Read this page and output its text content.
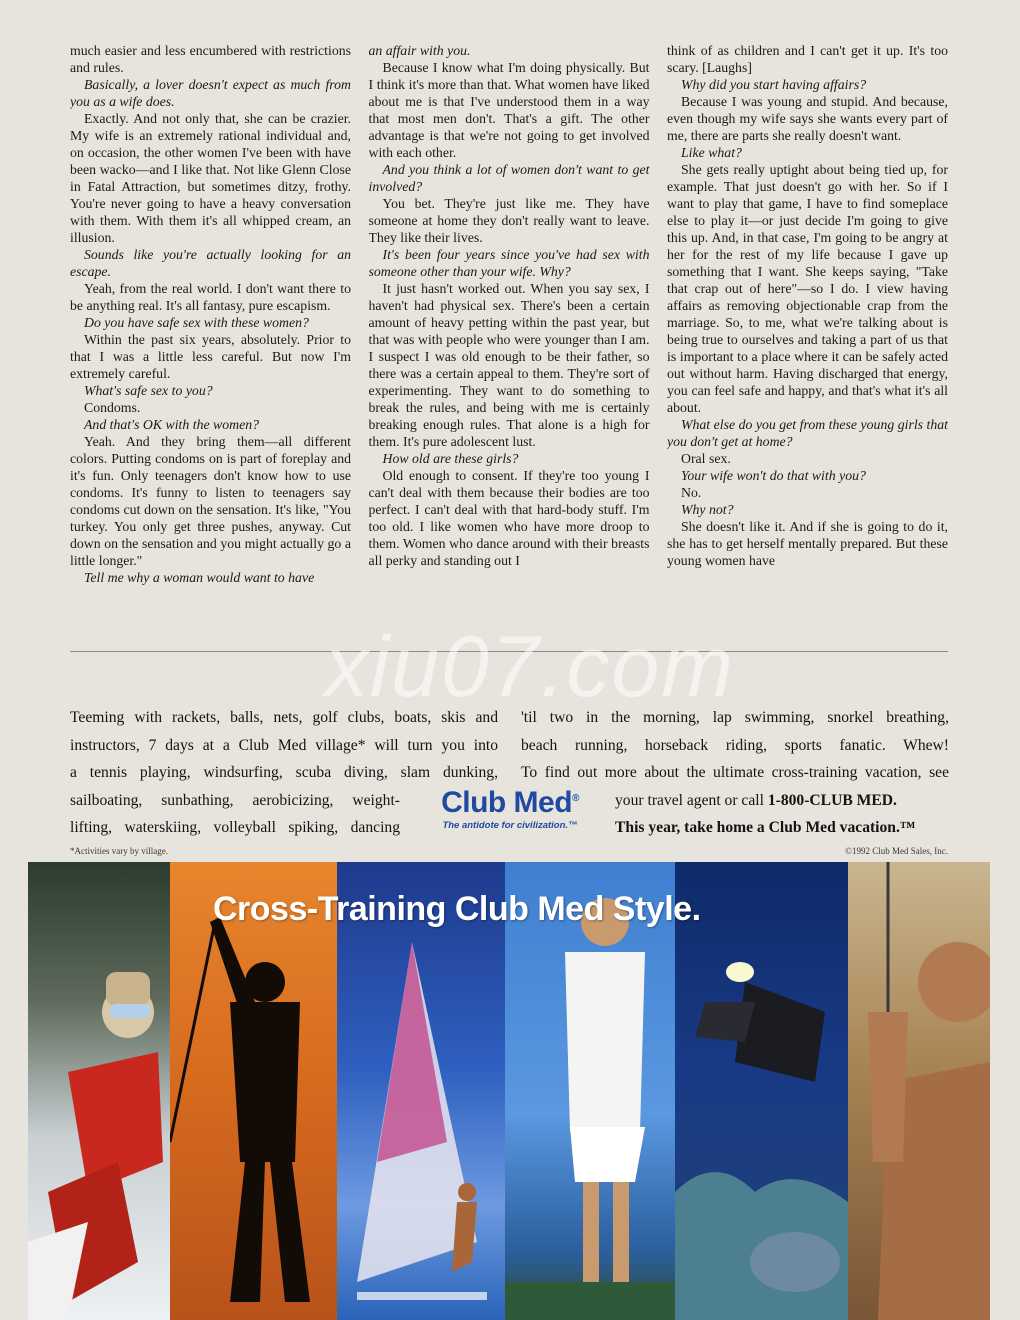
much easier and less encumbered with restrictions and rules.

Basically, a lover doesn't expect as much from you as a wife does.

Exactly. And not only that, she can be crazier. My wife is an extremely rational individual and, on occasion, the other women I've been with have been wacko—and I like that. Not like Glenn Close in Fatal Attraction, but sometimes ditzy, frothy. You're never going to have a heavy conversation with them. With them it's all whipped cream, an illusion.

Sounds like you're actually looking for an escape.

Yeah, from the real world. I don't want there to be anything real. It's all fantasy, pure escapism.

Do you have safe sex with these women?

Within the past six years, absolutely. Prior to that I was a little less careful. But now I'm extremely careful.

What's safe sex to you?

Condoms.

And that's OK with the women?

Yeah. And they bring them—all different colors. Putting condoms on is part of foreplay and it's fun. Only teenagers don't know how to use condoms. It's funny to listen to teenagers say condoms cut down on the sensation. It's like, "You turkey. You only get three pushes, anyway. Cut down on the sensation and you might actually go a little longer."

Tell me why a woman would want to have

an affair with you.

Because I know what I'm doing physically. But I think it's more than that. What women have liked about me is that I've understood them in a way that most men don't. That's a gift. The other advantage is that we're not going to get involved with each other.

And you think a lot of women don't want to get involved?

You bet. They're just like me. They have someone at home they don't really want to leave. They like their lives.

It's been four years since you've had sex with someone other than your wife. Why?

It just hasn't worked out. When you say sex, I haven't had physical sex. There's been a certain amount of heavy petting within the past year, but that was with people who were younger than I am. I suspect I was old enough to be their father, so there was a certain appeal to them. They're sort of experimenting. They want to do something to break the rules, and being with me is certainly breaking enough rules. That alone is a high for them. It's pure adolescent lust.

How old are these girls?

Old enough to consent. If they're too young I can't deal with them because their bodies are too perfect. I can't deal with that hard-body stuff. I'm too old. I like women who have more droop to them. Women who dance around with their breasts all perky and standing out I

think of as children and I can't get it up. It's too scary. [Laughs]

Why did you start having affairs?

Because I was young and stupid. And because, even though my wife says she wants every part of me, there are parts she really doesn't want.

Like what?

She gets really uptight about being tied up, for example. That just doesn't go with her. So if I want to play that game, I have to find someplace else to play it—or just decide I'm going to give this up. And, in that case, I'm going to be angry at her for the rest of my life because I gave up something that I want. She keeps saying, "Take that crap out of here"—so I do. I view having affairs as removing objectionable crap from the marriage. So, to me, what we're talking about is being true to ourselves and taking a part of us that is important to a place where it can be safely acted out without harm. Having discharged that energy, you can feel safe and happy, and that's what it's all about.

What else do you get from these young girls that you don't get at home?

Oral sex.

Your wife won't do that with you?

No.

Why not?

She doesn't like it. And if she is going to do it, she has to get herself mentally prepared. But these young women have

xiu07.com
Teeming with rackets, balls, nets, golf clubs, boats, skis and
instructors, 7 days at a Club Med village* will turn you into
a tennis playing, windsurfing, scuba diving, slam dunking,
sailboating, sunbathing, aerobicizing, weight-
lifting, waterskiing, volleyball spiking, dancing
'til two in the morning, lap swimming, snorkel breathing,
beach running, horseback riding, sports fanatic. Whew!
To find out more about the ultimate cross-training vacation, see
your travel agent or call 1-800-CLUB MED.
This year, take home a Club Med vacation.™
Club Med®
The antidote for civilization.™
*Activities vary by village.	©1992 Club Med Sales, Inc.
Cross-Training Club Med Style.
